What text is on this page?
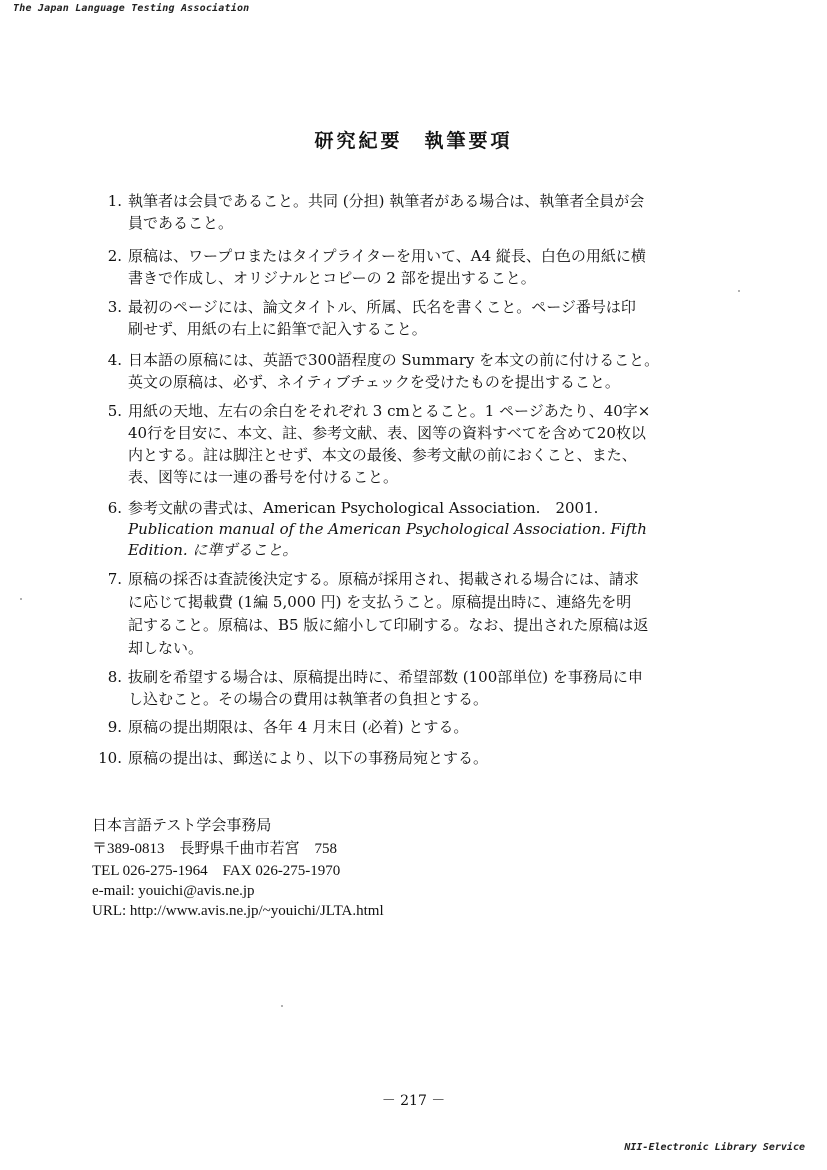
The Japan Language Testing Association
研究紀要　執筆要項
1. 執筆者は会員であること。共同 (分担) 執筆者がある場合は、執筆者全員が会
員であること。
2. 原稿は、ワープロまたはタイプライターを用いて、A4 縦長、白色の用紙に横
書きで作成し、オリジナルとコピーの 2 部を提出すること。
3. 最初のページには、論文タイトル、所属、氏名を書くこと。ページ番号は印
刷せず、用紙の右上に鉛筆で記入すること。
4. 日本語の原稿には、英語で300語程度の Summary を本文の前に付けること。
英文の原稿は、必ず、ネイティブチェックを受けたものを提出すること。
5. 用紙の天地、左右の余白をそれぞれ 3 cmとること。1 ページあたり、40字×
40行を目安に、本文、註、参考文献、表、図等の資料すべてを含めて20枚以
内とする。註は脚注とせず、本文の最後、参考文献の前におくこと、また、
表、図等には一連の番号を付けること。
6. 参考文献の書式は、American Psychological Association.　2001.
Publication manual of the American Psychological Association. Fifth
Edition. に準ずること。
7. 原稿の採否は査読後決定する。原稿が採用され、掲載される場合には、請求
に応じて掲載費 (1編 5,000 円) を支払うこと。原稿提出時に、連絡先を明
記すること。原稿は、B5 版に縮小して印刷する。なお、提出された原稿は返
却しない。
8. 抜刷を希望する場合は、原稿提出時に、希望部数 (100部単位) を事務局に申
し込むこと。その場合の費用は執筆者の負担とする。
9. 原稿の提出期限は、各年 4 月末日 (必着) とする。
10. 原稿の提出は、郵送により、以下の事務局宛とする。
日本言語テスト学会事務局
〒389-0813　長野県千曲市若宮　758
TEL 026-275-1964　FAX 026-275-1970
e-mail: youichi@avis.ne.jp
URL: http://www.avis.ne.jp/~youichi/JLTA.html
－ 217 －
NII-Electronic Library Service
